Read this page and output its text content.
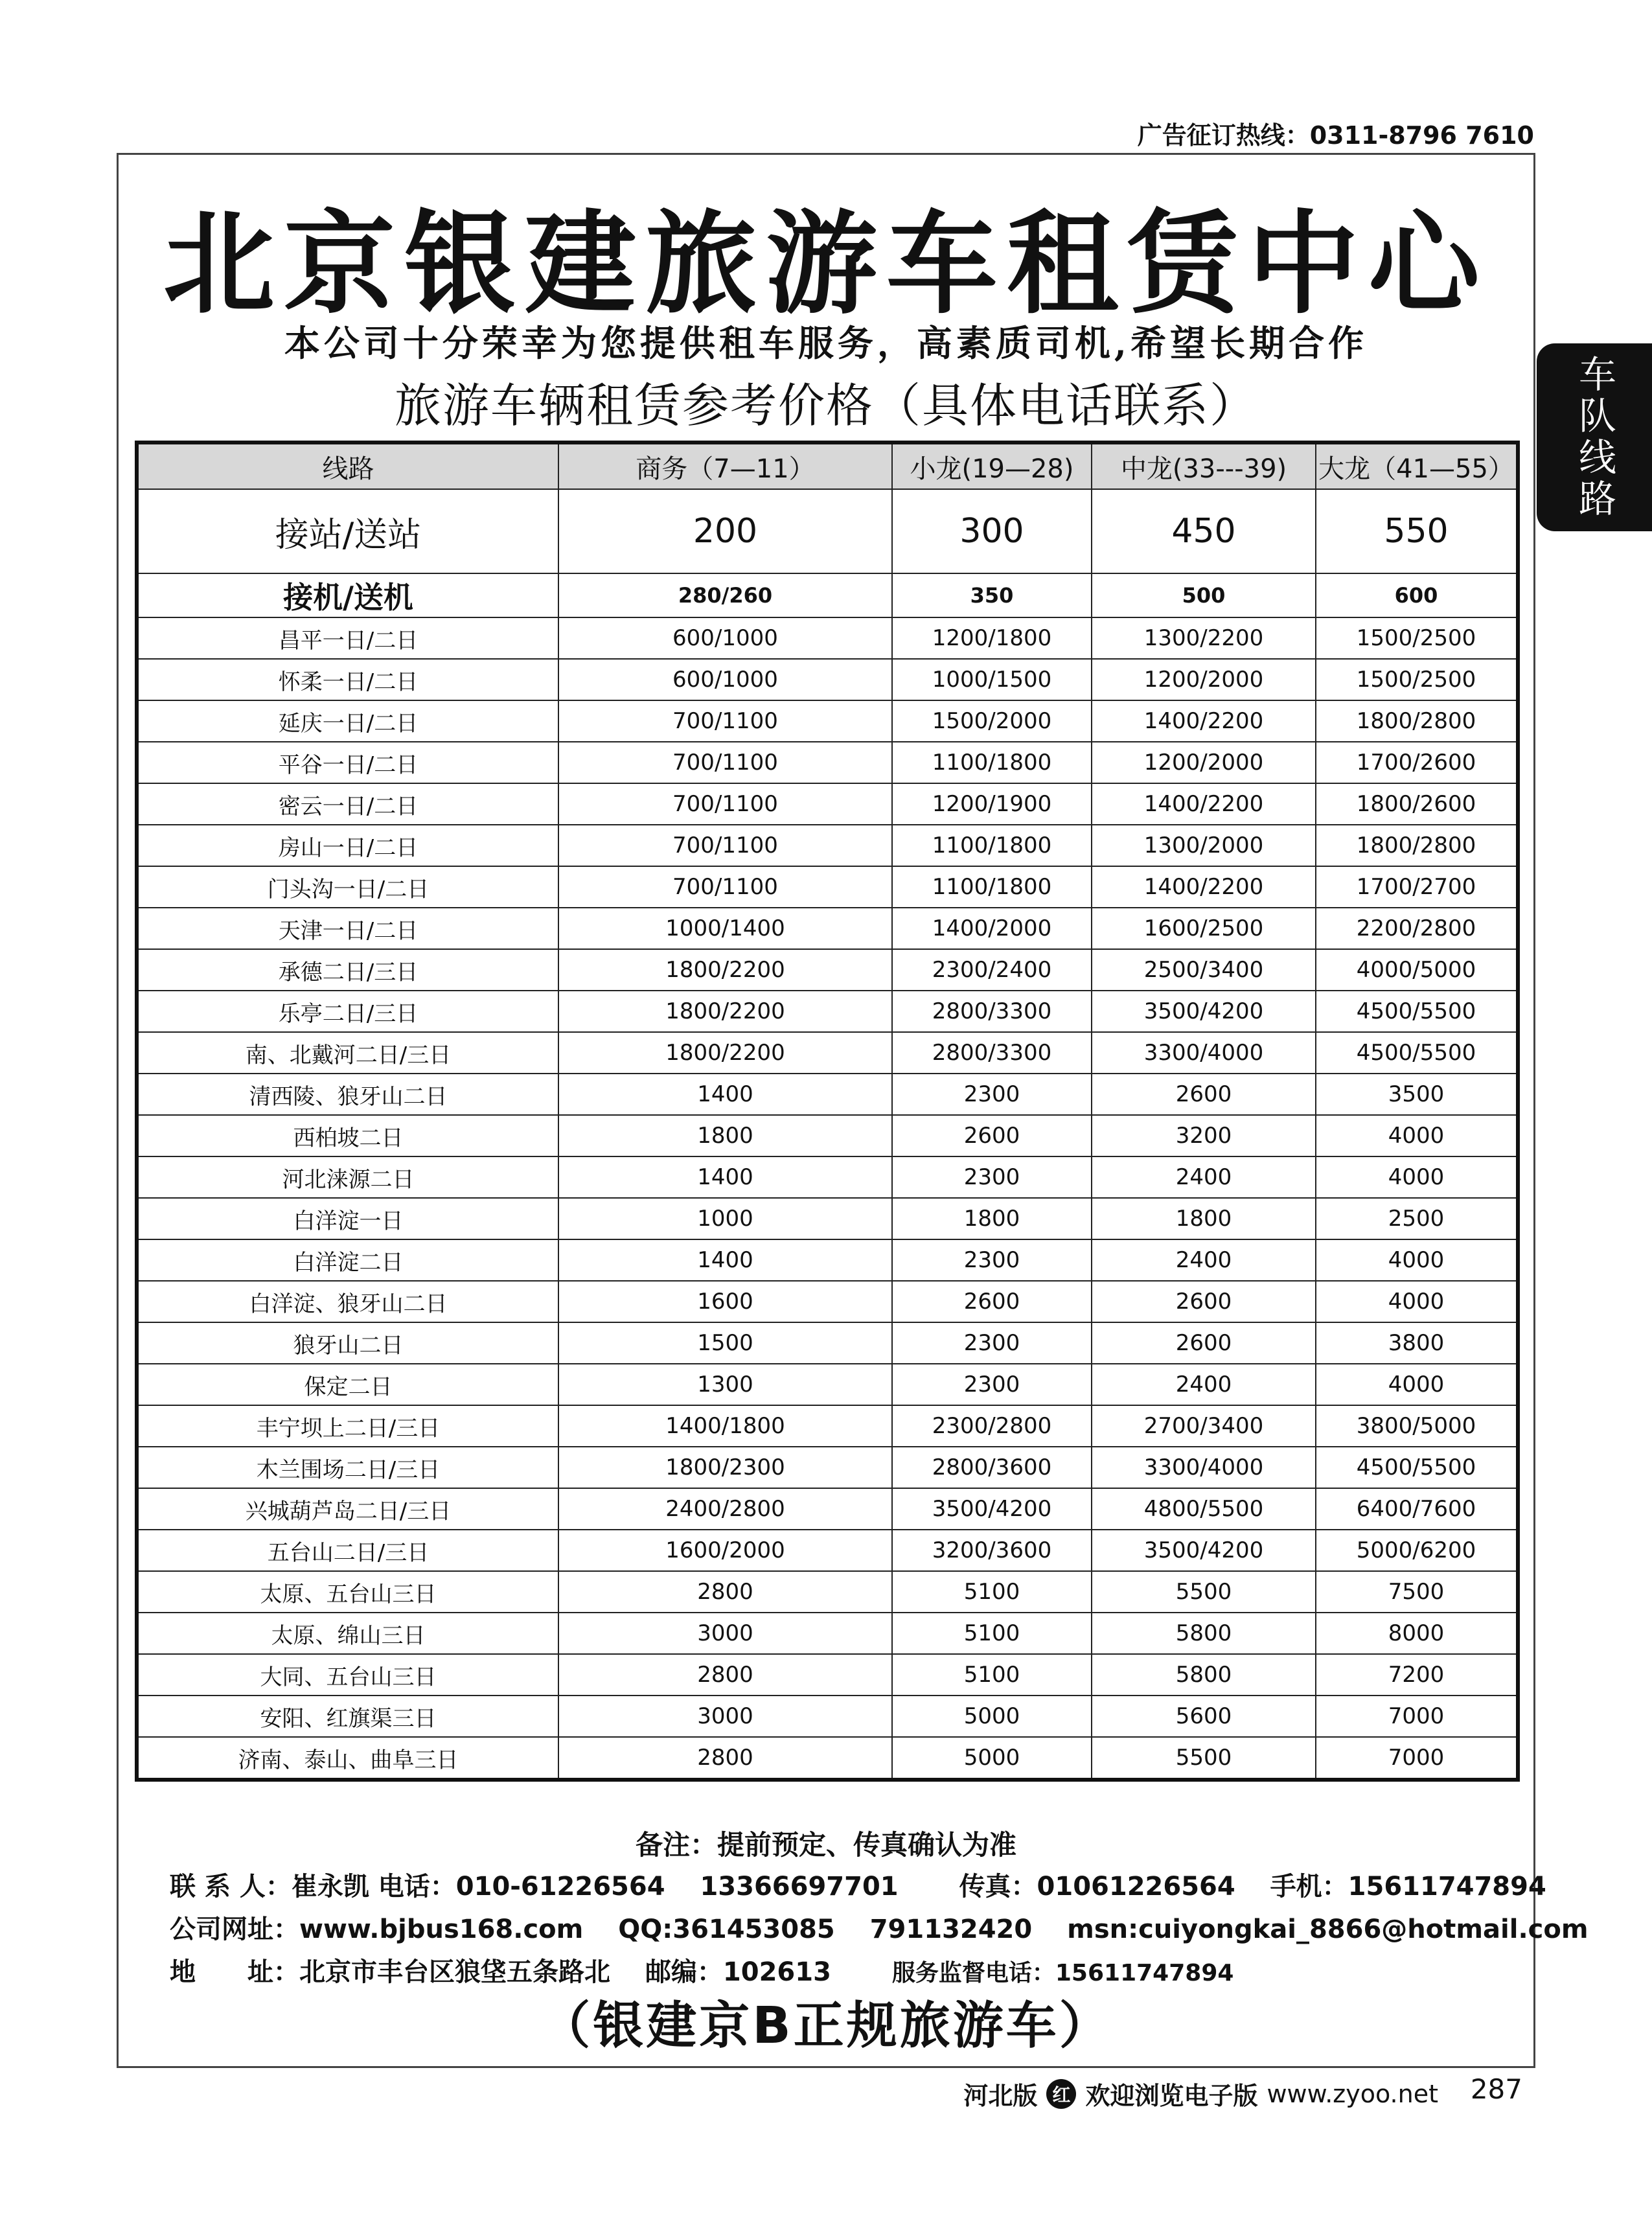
广告征订热线：0311-8796 7610
车队线路
北京银建旅游车租赁中心
本公司十分荣幸为您提供租车服务，高素质司机,希望长期合作
旅游车辆租赁参考价格（具体电话联系）
线路	商务（7—11）	小龙(19—28)	中龙(33---39)	大龙（41—55）
接站/送站	200	300	450	550
接机/送机	280/260	350	500	600
昌平一日/二日	600/1000	1200/1800	1300/2200	1500/2500
怀柔一日/二日	600/1000	1000/1500	1200/2000	1500/2500
延庆一日/二日	700/1100	1500/2000	1400/2200	1800/2800
平谷一日/二日	700/1100	1100/1800	1200/2000	1700/2600
密云一日/二日	700/1100	1200/1900	1400/2200	1800/2600
房山一日/二日	700/1100	1100/1800	1300/2000	1800/2800
门头沟一日/二日	700/1100	1100/1800	1400/2200	1700/2700
天津一日/二日	1000/1400	1400/2000	1600/2500	2200/2800
承德二日/三日	1800/2200	2300/2400	2500/3400	4000/5000
乐亭二日/三日	1800/2200	2800/3300	3500/4200	4500/5500
南、北戴河二日/三日	1800/2200	2800/3300	3300/4000	4500/5500
清西陵、狼牙山二日	1400	2300	2600	3500
西柏坡二日	1800	2600	3200	4000
河北涞源二日	1400	2300	2400	4000
白洋淀一日	1000	1800	1800	2500
白洋淀二日	1400	2300	2400	4000
白洋淀、狼牙山二日	1600	2600	2600	4000
狼牙山二日	1500	2300	2600	3800
保定二日	1300	2300	2400	4000
丰宁坝上二日/三日	1400/1800	2300/2800	2700/3400	3800/5000
木兰围场二日/三日	1800/2300	2800/3600	3300/4000	4500/5500
兴城葫芦岛二日/三日	2400/2800	3500/4200	4800/5500	6400/7600
五台山二日/三日	1600/2000	3200/3600	3500/4200	5000/6200
太原、五台山三日	2800	5100	5500	7500
太原、绵山三日	3000	5100	5800	8000
大同、五台山三日	2800	5100	5800	7200
安阳、红旗渠三日	3000	5000	5600	7000
济南、泰山、曲阜三日	2800	5000	5500	7000
备注：提前预定、传真确认为准
联 系 人：崔永凯 电话：010-61226564 13366697701 传真：01061226564 手机：15611747894
公司网址：www.bjbus168.com QQ:361453085 791132420 msn:cuiyongkai_8866@hotmail.com
地　　址：北京市丰台区狼垡五条路北 邮编：102613	服务监督电话：15611747894
（银建京B正规旅游车）
河北版 红 欢迎浏览电子版 www.zyoo.net 287
